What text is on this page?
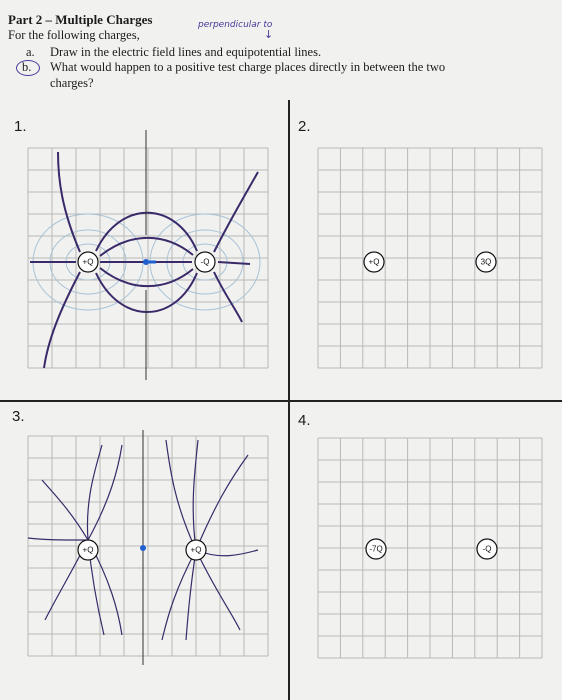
Part 2 – Multiple Charges
For the following charges,
perpendicular to
↓
a. Draw in the electric field lines and equipotential lines.
b. What would happen to a positive test charge places directly in between the two
charges?
1.	2.
3.	4.
+Q	-Q	+Q	3Q
+Q	+Q	-7Q	-Q
